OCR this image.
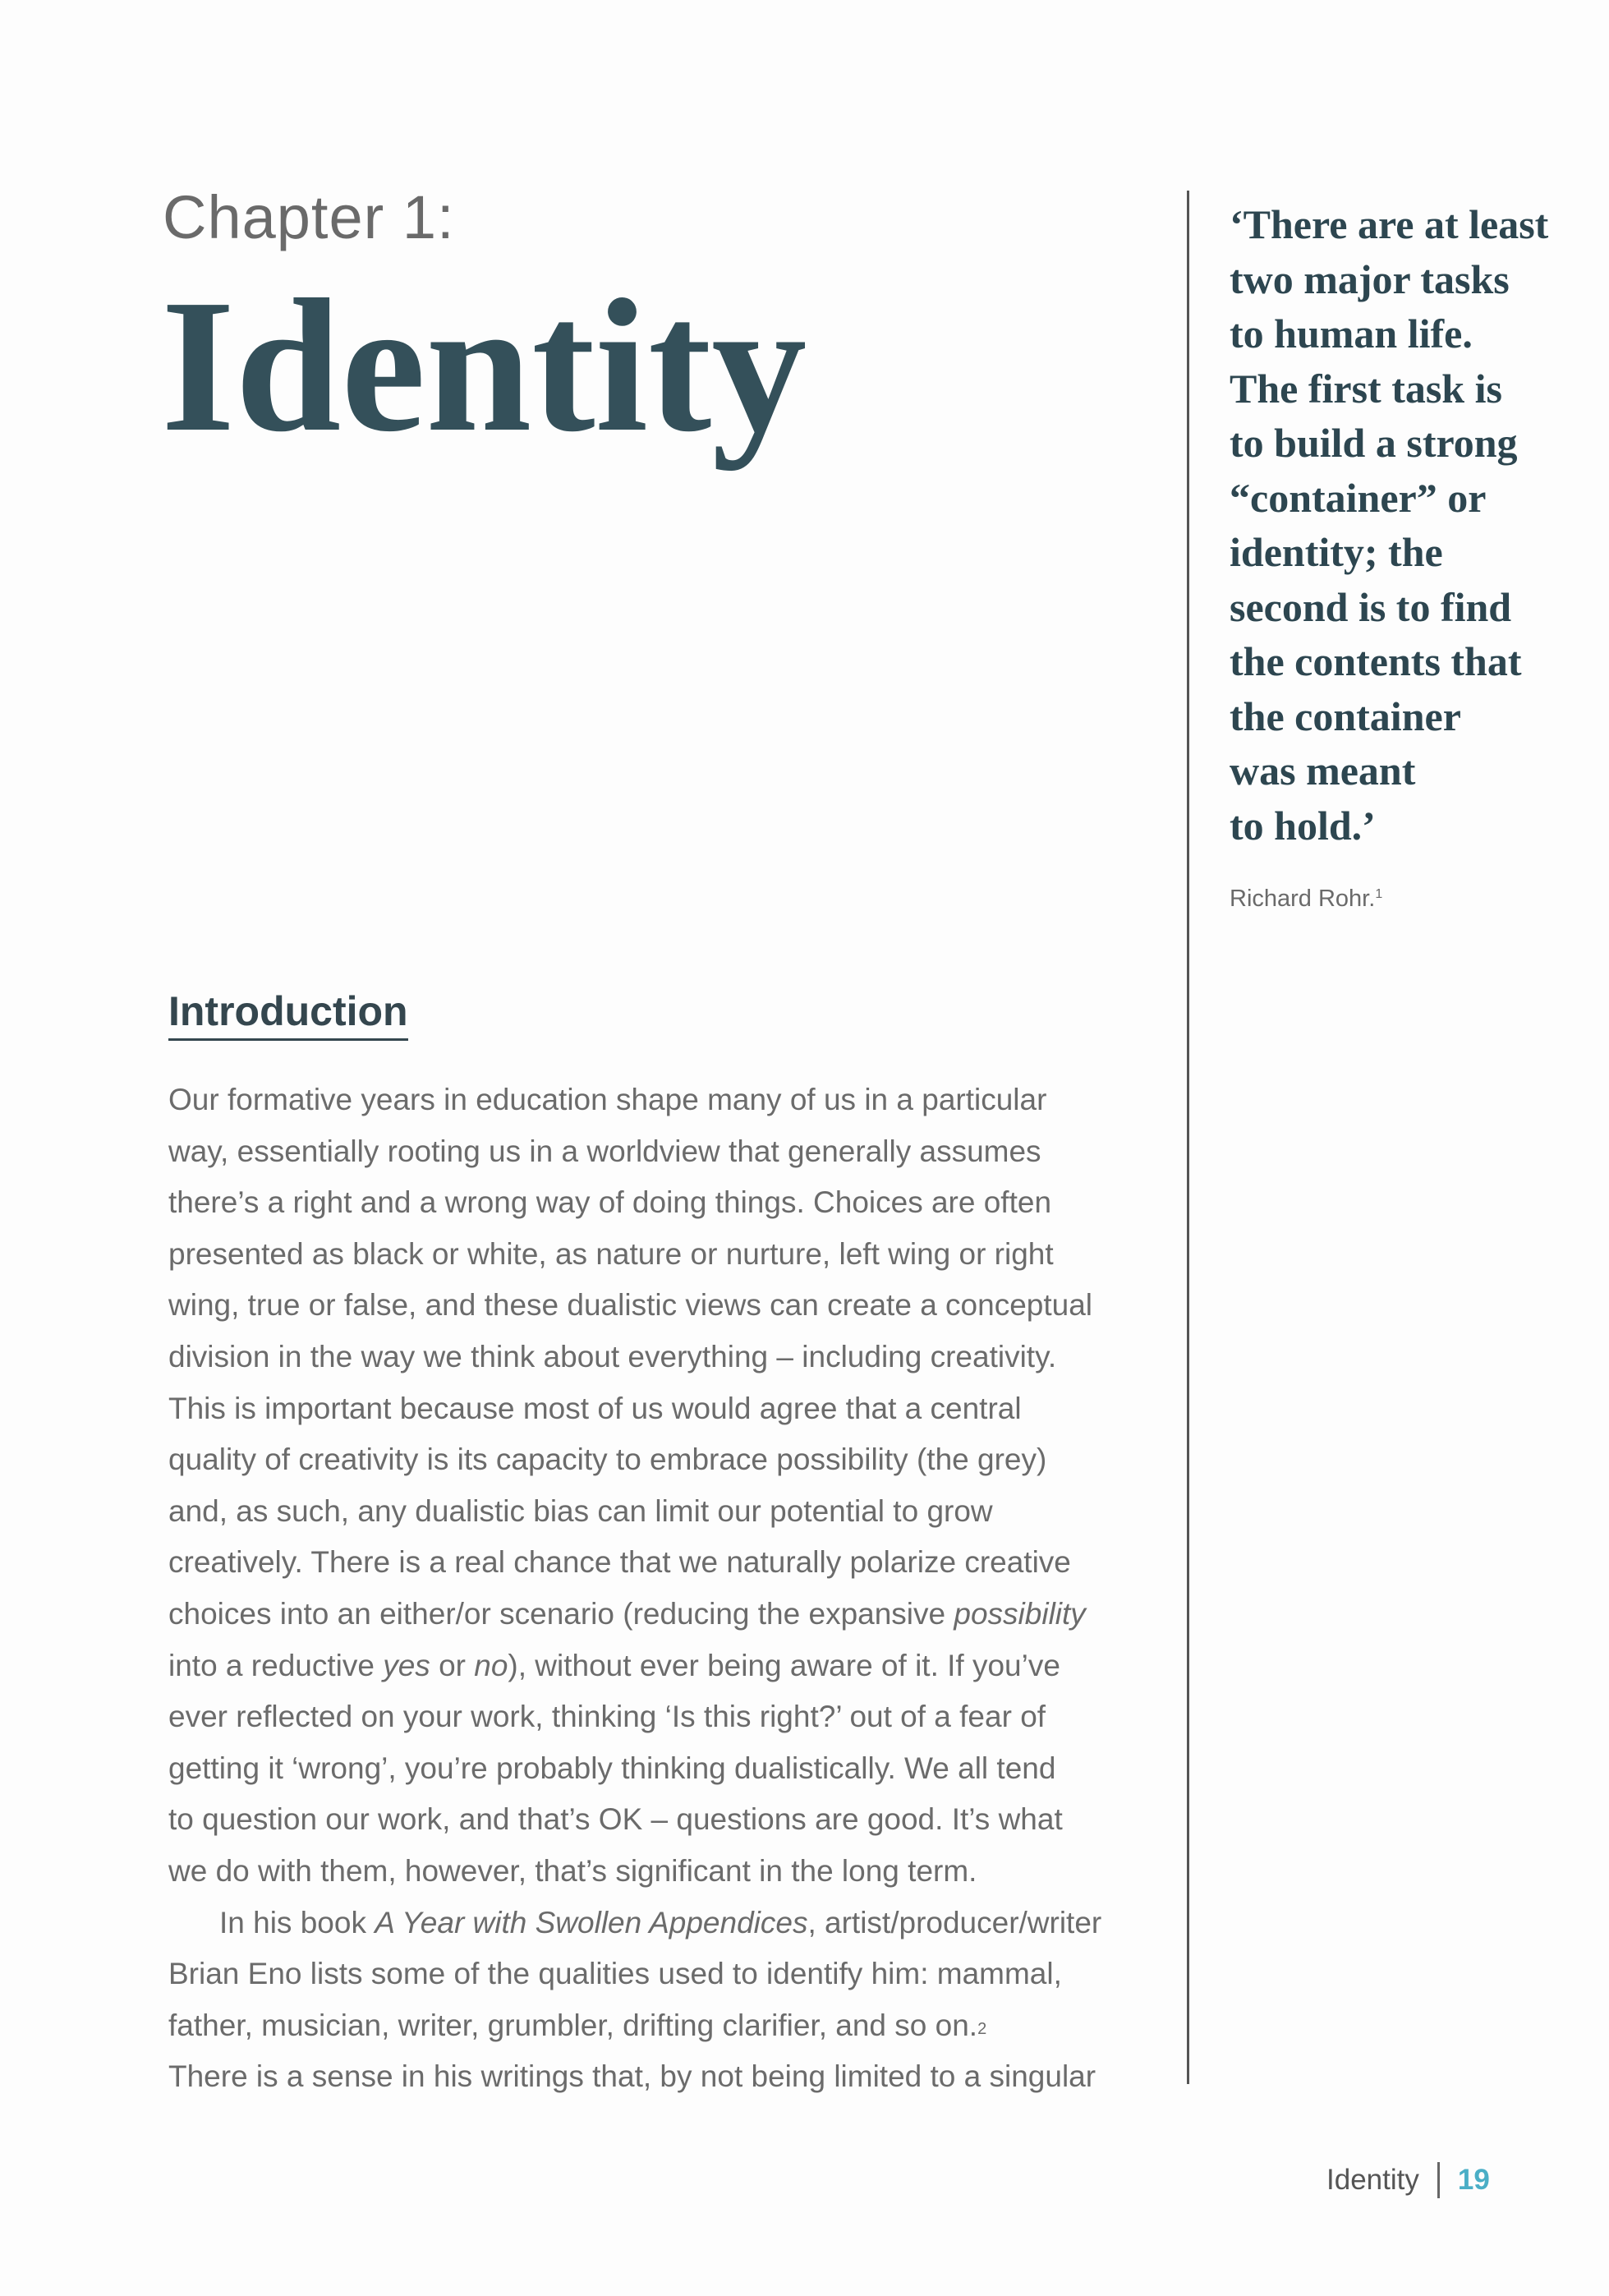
Chapter 1:
Identity
‘There are at least
two major tasks
to human life.
The first task is
to build a strong
“container” or
identity; the
second is to find
the contents that
the container
was meant
to hold.’
Richard Rohr.$^1$
Introduction
Our formative years in education shape many of us in a particular
way, essentially rooting us in a worldview that generally assumes
there’s a right and a wrong way of doing things. Choices are often
presented as black or white, as nature or nurture, left wing or right
wing, true or false, and these dualistic views can create a conceptual
division in the way we think about everything – including creativity.
This is important because most of us would agree that a central
quality of creativity is its capacity to embrace possibility (the grey)
and, as such, any dualistic bias can limit our potential to grow
creatively. There is a real chance that we naturally polarize creative
choices into an either/or scenario (reducing the expansive possibility
into a reductive yes or no), without ever being aware of it. If you’ve
ever reflected on your work, thinking ‘Is this right?’ out of a fear of
getting it ‘wrong’, you’re probably thinking dualistically. We all tend
to question our work, and that’s OK – questions are good. It’s what
we do with them, however, that’s significant in the long term.
In his book A Year with Swollen Appendices, artist/producer/writer
Brian Eno lists some of the qualities used to identify him: mammal,
father, musician, writer, grumbler, drifting clarifier, and so on.$^2$
There is a sense in his writings that, by not being limited to a singular
Identity 19
